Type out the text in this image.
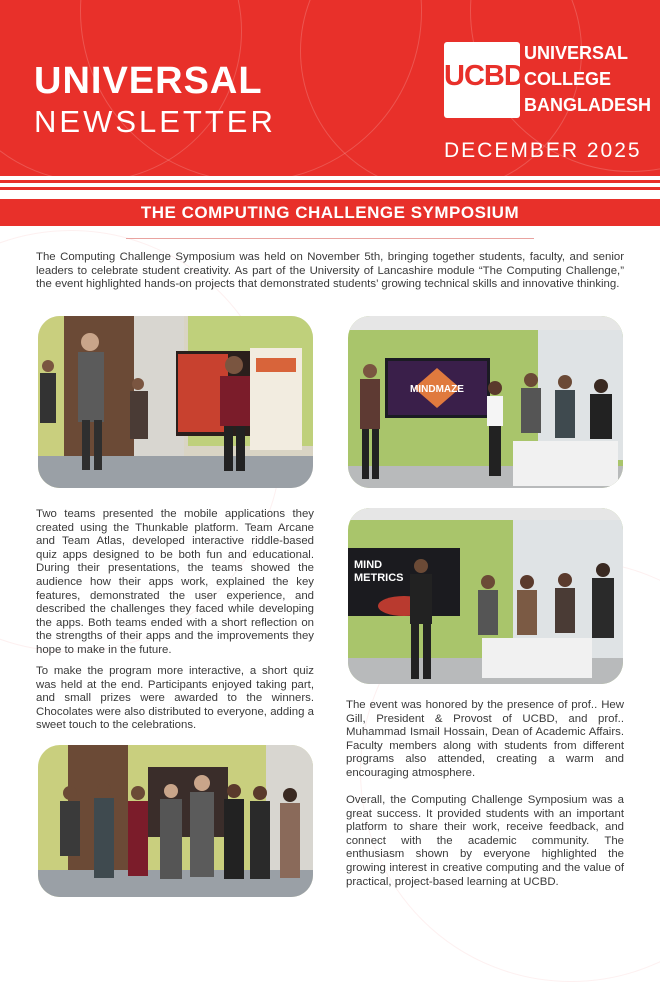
UNIVERSAL
NEWSLETTER
UCBD
UNIVERSAL
COLLEGE
BANGLADESH
DECEMBER 2025
THE COMPUTING CHALLENGE SYMPOSIUM

The Computing Challenge Symposium was held on November 5th, bringing together students, faculty, and senior leaders to celebrate student creativity. As part of the University of Lancashire module “The Computing Challenge,” the event highlighted hands-on projects that demonstrated students’ growing technical skills and innovative thinking.

MINDMAZE
MIND
METRICS

Two teams presented the mobile applications they created using the Thunkable platform. Team Arcane and Team Atlas, developed interactive riddle-based quiz apps designed to be both fun and educational. During their presentations, the teams showed the audience how their apps work, explained the key features, demonstrated the user experience, and described the challenges they faced while developing the apps. Both teams ended with a short reflection on the strengths of their apps and the improvements they hope to make in the future.

To make the program more interactive, a short quiz was held at the end. Participants enjoyed taking part, and small prizes were awarded to the winners. Chocolates were also distributed to everyone, adding a sweet touch to the celebrations.

The event was honored by the presence of prof.. Hew Gill, President & Provost of UCBD, and prof.. Muhammad Ismail Hossain, Dean of Academic Affairs. Faculty members along with students from different programs also attended, creating a warm and encouraging atmosphere.

Overall, the Computing Challenge Symposium was a great success. It provided students with an important platform to share their work, receive feedback, and connect with the academic community. The enthusiasm shown by everyone highlighted the growing interest in creative computing and the value of practical, project-based learning at UCBD.
